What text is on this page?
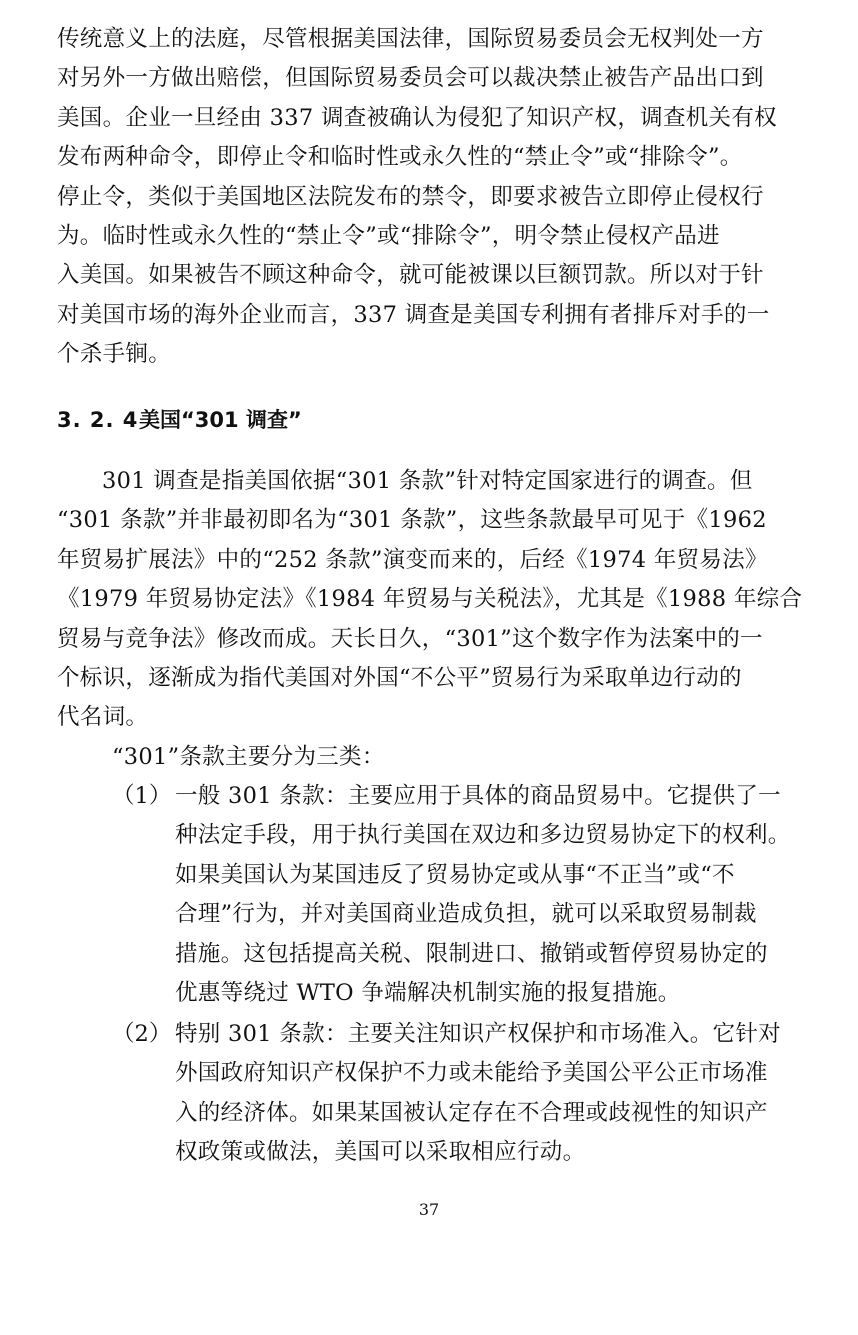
传统意义上的法庭，尽管根据美国法律，国际贸易委员会无权判处一方
对另外一方做出赔偿，但国际贸易委员会可以裁决禁止被告产品出口到
美国。企业一旦经由 337 调查被确认为侵犯了知识产权，调查机关有权
发布两种命令，即停止令和临时性或永久性的“禁止令”或“排除令”。
停止令，类似于美国地区法院发布的禁令，即要求被告立即停止侵权行
为。临时性或永久性的“禁止令”或“排除令”，明令禁止侵权产品进
入美国。如果被告不顾这种命令，就可能被课以巨额罚款。所以对于针
对美国市场的海外企业而言，337 调查是美国专利拥有者排斥对手的一
个杀手锏。
3. 2. 4美国“301 调查”
301 调查是指美国依据“301 条款”针对特定国家进行的调查。但
“301 条款”并非最初即名为“301 条款”，这些条款最早可见于《1962
年贸易扩展法》中的“252 条款”演变而来的，后经《1974 年贸易法》
《1979 年贸易协定法》《1984 年贸易与关税法》，尤其是《1988 年综合
贸易与竞争法》修改而成。天长日久，“301”这个数字作为法案中的一
个标识，逐渐成为指代美国对外国“不公平”贸易行为采取单边行动的
代名词。
“301”条款主要分为三类：
（1） 一般 301 条款：主要应用于具体的商品贸易中。它提供了一
种法定手段，用于执行美国在双边和多边贸易协定下的权利。
如果美国认为某国违反了贸易协定或从事“不正当”或“不
合理”行为，并对美国商业造成负担，就可以采取贸易制裁
措施。这包括提高关税、限制进口、撤销或暂停贸易协定的
优惠等绕过 WTO 争端解决机制实施的报复措施。
（2） 特别 301 条款：主要关注知识产权保护和市场准入。它针对
外国政府知识产权保护不力或未能给予美国公平公正市场准
入的经济体。如果某国被认定存在不合理或歧视性的知识产
权政策或做法，美国可以采取相应行动。
37
